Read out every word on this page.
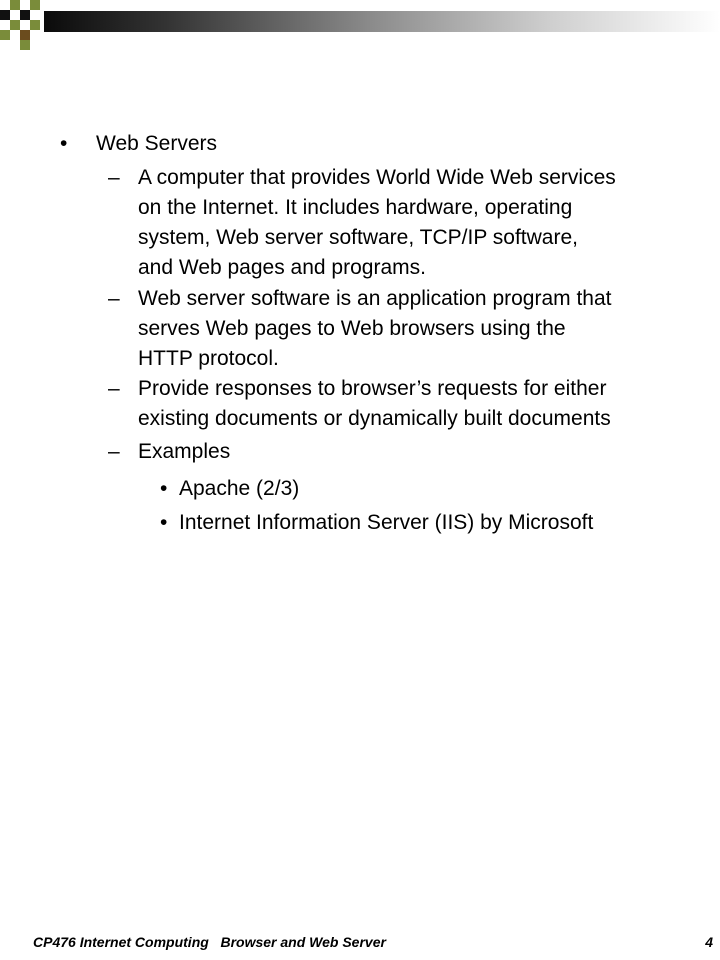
• Web Servers
– A computer that provides World Wide Web services
on the Internet. It includes hardware, operating
system, Web server software, TCP/IP software,
and Web pages and programs.
– Web server software is an application program that
serves Web pages to Web browsers using the
HTTP protocol.
– Provide responses to browser’s requests for either
existing documents or dynamically built documents
– Examples
• Apache (2/3)
• Internet Information Server (IIS) by Microsoft
CP476 Internet Computing   Browser and Web Server	4
